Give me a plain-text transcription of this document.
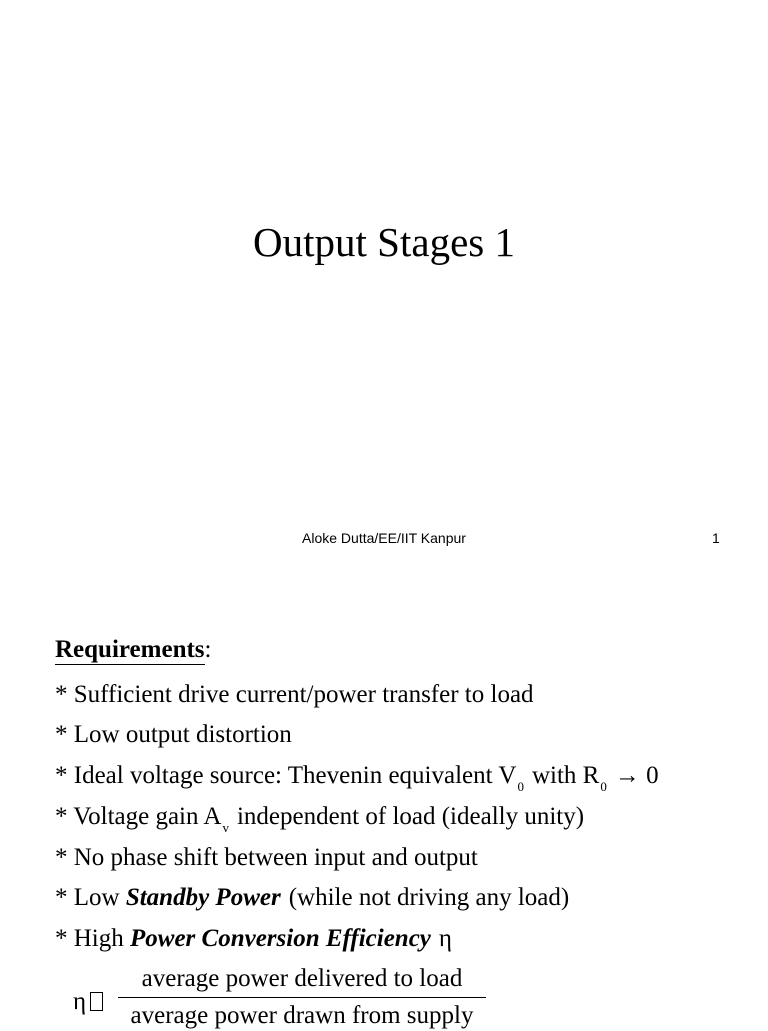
Output Stages 1
Aloke Dutta/EE/IIT Kanpur	1
Requirements:
* Sufficient drive current/power transfer to load
* Low output distortion
* Ideal voltage source: Thevenin equivalent $V_0$ with $R_0 \to 0$
* Voltage gain $A_v$ independent of load (ideally unity)
* No phase shift between input and output
* Low Standby Power (while not driving any load)
* High Power Conversion Efficiency η
η
average power delivered to load
average power drawn from supply
